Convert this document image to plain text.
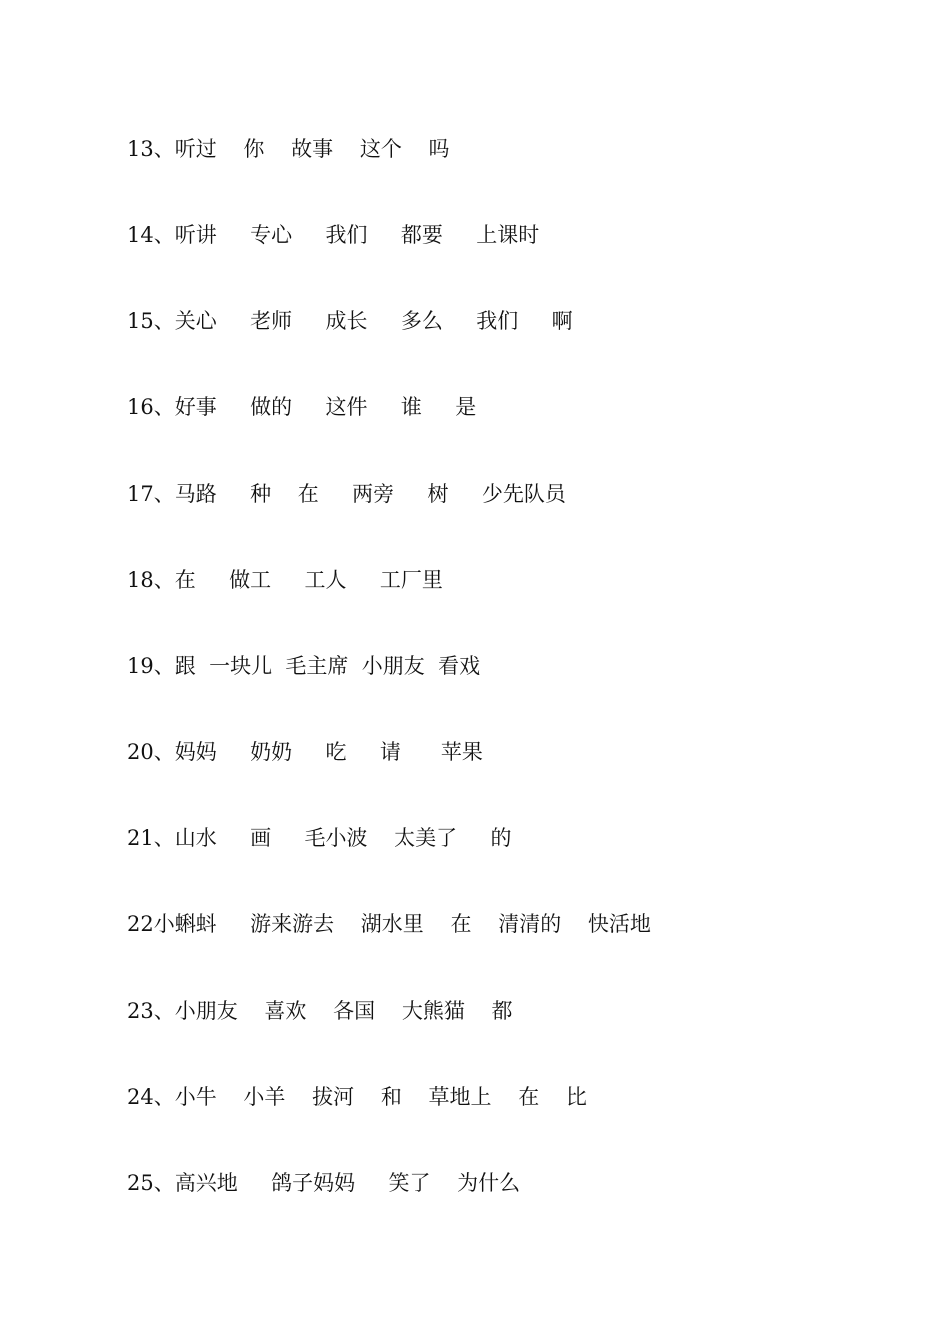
13、听过    你    故事    这个    吗
14、听讲     专心     我们     都要     上课时
15、关心     老师     成长     多么     我们     啊
16、好事     做的     这件     谁     是
17、马路     种    在     两旁     树     少先队员
18、在     做工     工人     工厂里
19、跟  一块儿  毛主席  小朋友  看戏
20、妈妈     奶奶     吃     请      苹果
21、山水     画     毛小波    太美了     的
22小蝌蚪     游来游去    湖水里    在    清清的    快活地
23、小朋友    喜欢    各国    大熊猫    都
24、小牛    小羊    拔河    和    草地上    在    比
25、高兴地     鸽子妈妈     笑了    为什么
